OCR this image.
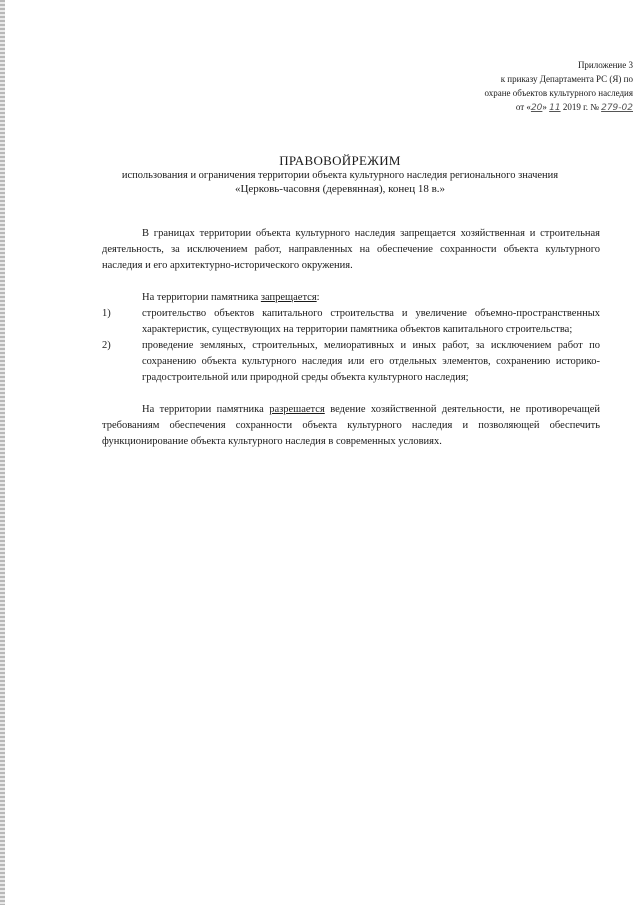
Приложение 3
к приказу Департамента РС (Я) по
охране объектов культурного наследия
от «20» 11 2019 г. № 279-02
ПРАВОВОЙРЕЖИМ
использования и ограничения территории объекта культурного наследия регионального значения
«Церковь-часовня (деревянная), конец 18 в.»

В границах территории объекта культурного наследия запрещается хозяйственная и строительная деятельность, за исключением работ, направленных на обеспечение сохранности объекта культурного наследия и его архитектурно-исторического окружения.

На территории памятника запрещается:

1)	строительство объектов капитального строительства и увеличение объемно-пространственных характеристик, существующих на территории памятника объектов капитального строительства;
2)	проведение земляных, строительных, мелиоративных и иных работ, за исключением работ по сохранению объекта культурного наследия или его отдельных элементов, сохранению историко-градостроительной или природной среды объекта культурного наследия;

На территории памятника разрешается ведение хозяйственной деятельности, не противоречащей требованиям обеспечения сохранности объекта культурного наследия и позволяющей обеспечить функционирование объекта культурного наследия в современных условиях.
